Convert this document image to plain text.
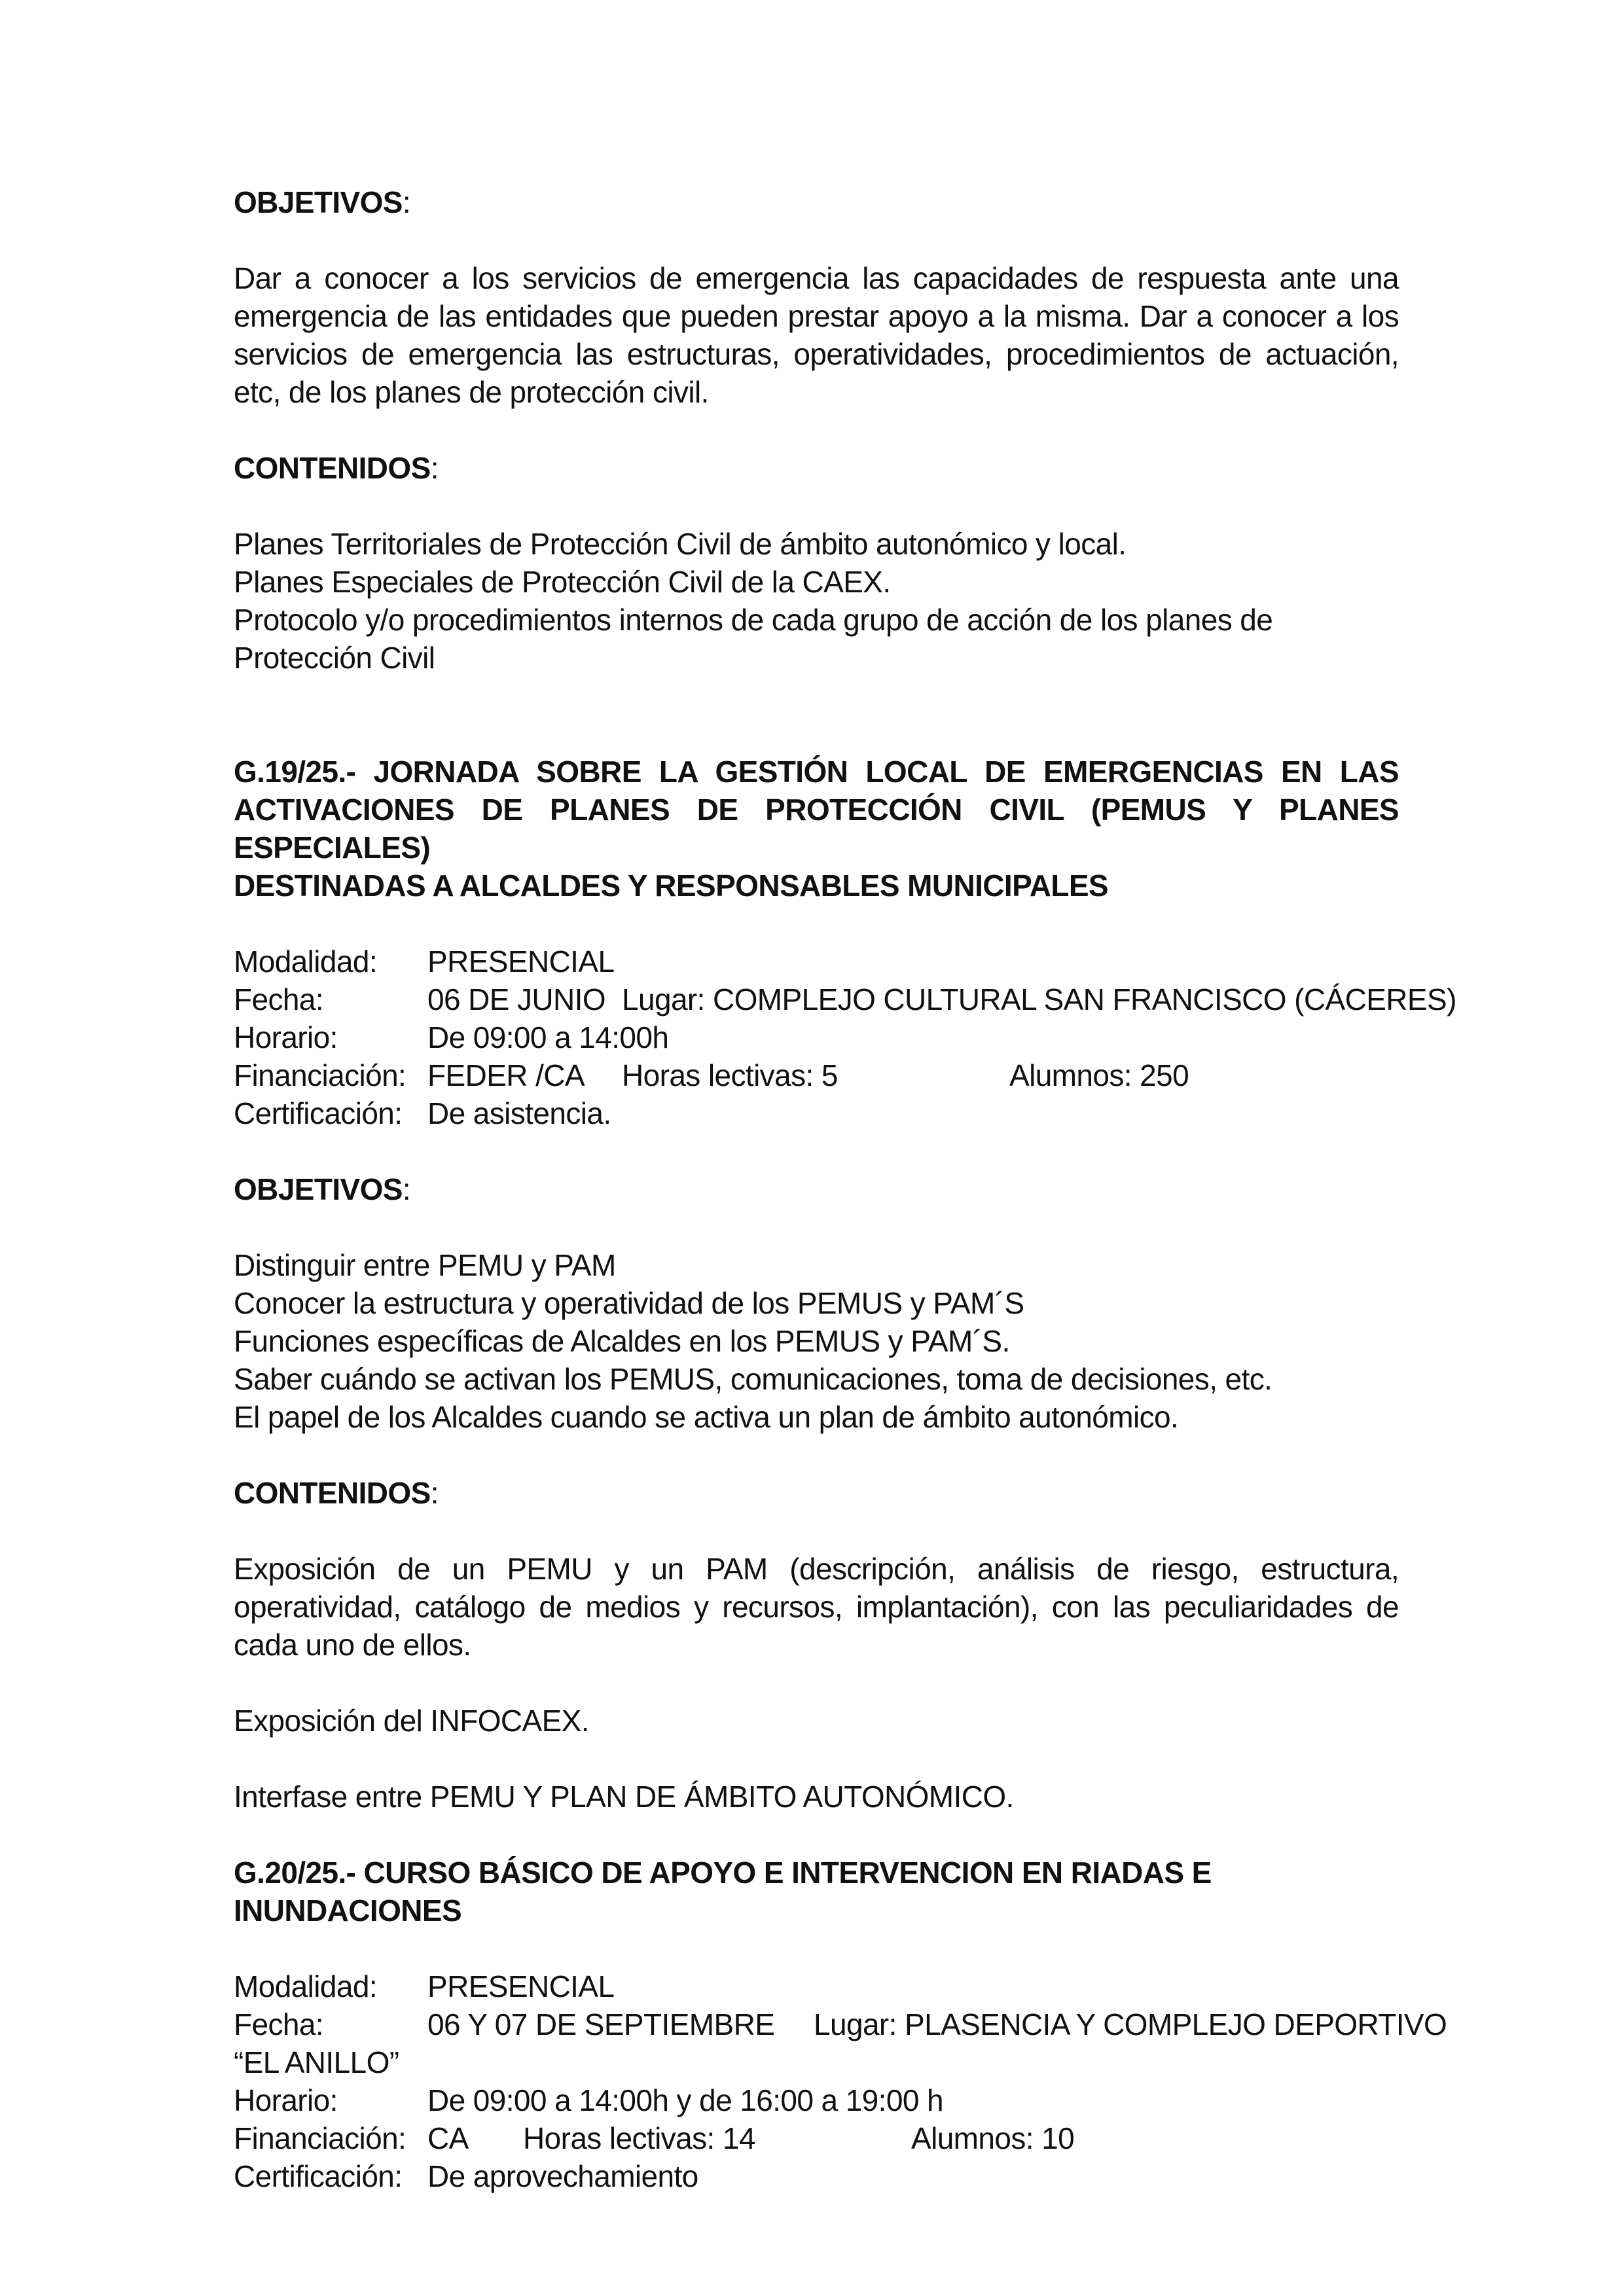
OBJETIVOS:

Dar a conocer a los servicios de emergencia las capacidades de respuesta ante una emergencia de las entidades que pueden prestar apoyo a la misma. Dar a conocer a los servicios de emergencia las estructuras, operatividades, procedimientos de actuación, etc, de los planes de protección civil.

CONTENIDOS:

Planes Territoriales de Protección Civil de ámbito autonómico y local.
Planes Especiales de Protección Civil de la CAEX.
Protocolo y/o procedimientos internos de cada grupo de acción de los planes de Protección Civil

G.19/25.- JORNADA SOBRE LA GESTIÓN LOCAL DE EMERGENCIAS EN LAS ACTIVACIONES DE PLANES DE PROTECCIÓN CIVIL (PEMUS Y PLANES ESPECIALES)

DESTINADAS A ALCALDES Y RESPONSABLES MUNICIPALES

Modalidad:	PRESENCIAL
Fecha:	06 DE JUNIO Lugar: COMPLEJO CULTURAL SAN FRANCISCO (CÁCERES)
Horario:	De 09:00 a 14:00h
Financiación: FEDER /CA	Horas lectivas: 5	Alumnos: 250
Certificación: De asistencia.

OBJETIVOS:

Distinguir entre PEMU y PAM
Conocer la estructura y operatividad de los PEMUS y PAM´S
Funciones específicas de Alcaldes en los PEMUS y PAM´S.
Saber cuándo se activan los PEMUS, comunicaciones, toma de decisiones, etc.
El papel de los Alcaldes cuando se activa un plan de ámbito autonómico.

CONTENIDOS:

Exposición de un PEMU y un PAM (descripción, análisis de riesgo, estructura, operatividad, catálogo de medios y recursos, implantación), con las peculiaridades de cada uno de ellos.

Exposición del INFOCAEX.

Interfase entre PEMU Y PLAN DE ÁMBITO AUTONÓMICO.

G.20/25.- CURSO BÁSICO DE APOYO E INTERVENCION EN RIADAS E INUNDACIONES

Modalidad:	PRESENCIAL
Fecha:	06 Y 07 DE SEPTIEMBRE	Lugar: PLASENCIA Y COMPLEJO DEPORTIVO
“EL ANILLO”
Horario:	De 09:00 a 14:00h y de 16:00 a 19:00 h
Financiación: CA	Horas lectivas: 14	Alumnos: 10
Certificación: De aprovechamiento
